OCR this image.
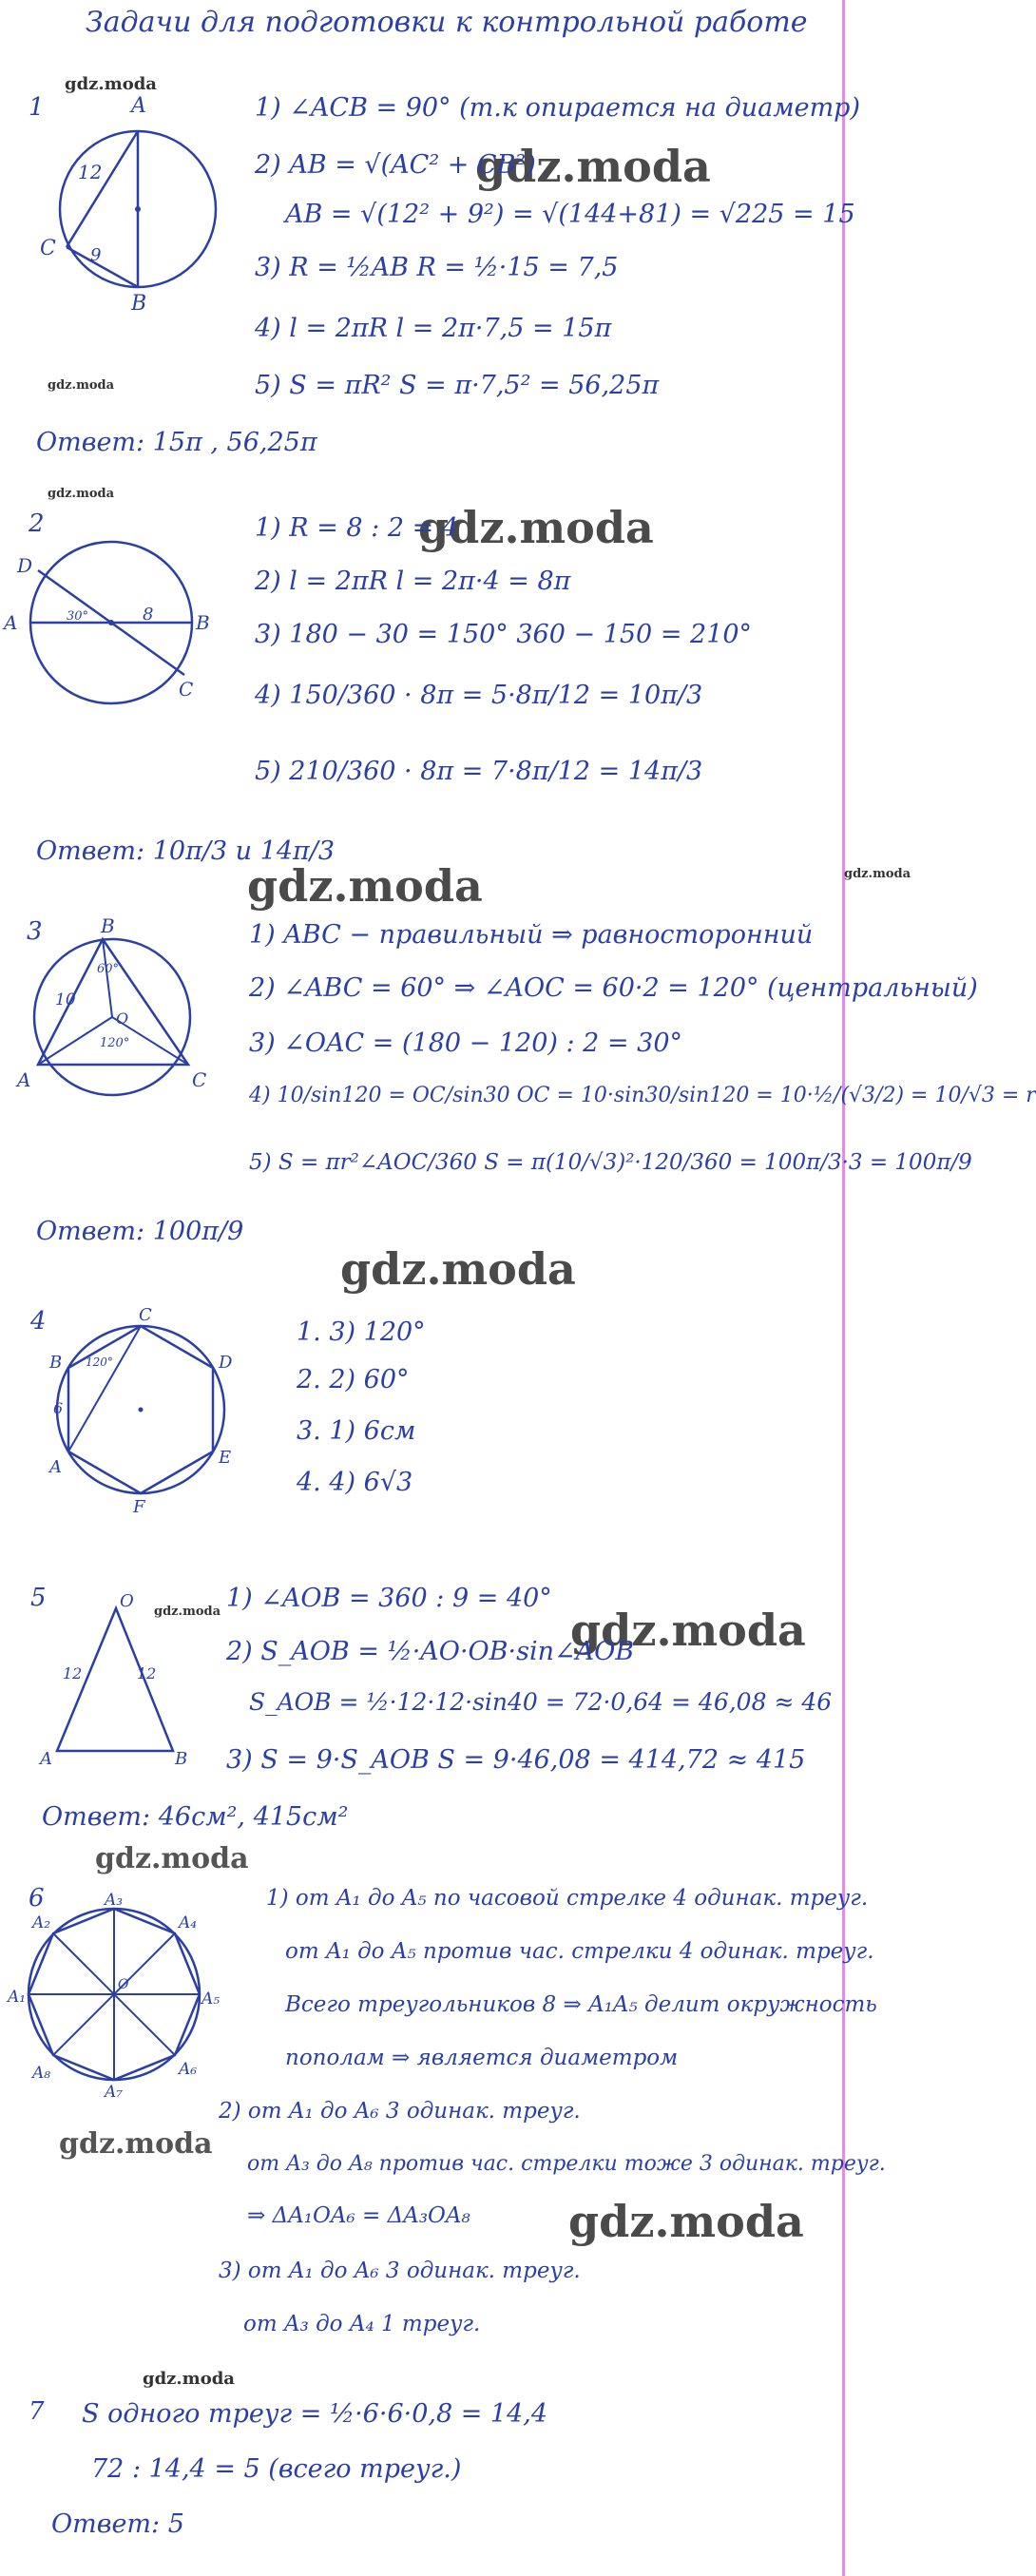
Задачи для подготовки к контрольной работе
gdz.moda
gdz.moda
gdz.moda
gdz.moda
gdz.moda
gdz.moda
gdz.moda
gdz.moda
gdz.moda	gdz.moda
gdz.moda
gdz.moda
gdz.moda
gdz.moda
1	A
B
C
12
9
1) ∠ACB = 90° (т.к опирается на диаметр)
2) AB = √(AC² + CB²)
AB = √(12² + 9²) = √(144+81) = √225 = 15
3) R = ½AB R = ½·15 = 7,5
4) l = 2πR l = 2π·7,5 = 15π
5) S = πR² S = π·7,5² = 56,25π
Ответ: 15π , 56,25π
2
A	B
C
D
30°	8
1) R = 8 : 2 = 4
2) l = 2πR l = 2π·4 = 8π
3) 180 − 30 = 150° 360 − 150 = 210°
4) 150/360 · 8π = 5·8π/12 = 10π/3
5) 210/360 · 8π = 7·8π/12 = 14π/3
Ответ: 10π/3 и 14π/3
3	B
A	C
O
10
60°
120°
1) ABC − правильный ⇒ равносторонний
2) ∠ABC = 60° ⇒ ∠AOC = 60·2 = 120° (центральный)
3) ∠OAC = (180 − 120) : 2 = 30°
4) 10/sin120 = OC/sin30 OC = 10·sin30/sin120 = 10·½/(√3/2) = 10/√3 = r
5) S = πr²∠AOC/360 S = π(10/√3)²·120/360 = 100π/3·3 = 100π/9
Ответ: 100π/9
4	C
D
E
F
A
B
6
120°
1. 3) 120°
2. 2) 60°
3. 1) 6см
4. 4) 6√3
5	O
A	B
12	12
1) ∠AOB = 360 : 9 = 40°
2) S_AOB = ½·AO·OB·sin∠AOB
S_AOB = ½·12·12·sin40 = 72·0,64 = 46,08 ≈ 46
3) S = 9·S_AOB S = 9·46,08 = 414,72 ≈ 415
Ответ: 46см², 415см²
6	A₃
A₄
A₅
A₆
A₇
A₈
A₁
A₂
O
1) от A₁ до A₅ по часовой стрелке 4 одинак. треуг.
от A₁ до A₅ против час. стрелки 4 одинак. треуг.
Всего треугольников 8 ⇒ A₁A₅ делит окружность
пополам ⇒ является диаметром
2) от A₁ до A₆ 3 одинак. треуг.
от A₃ до A₈ против час. стрелки тоже 3 одинак. треуг.
⇒ ΔA₁OA₆ = ΔA₃OA₈
3) от A₁ до A₆ 3 одинак. треуг.
от A₃ до A₄ 1 треуг.
7 S одного треуг = ½·6·6·0,8 = 14,4
72 : 14,4 = 5 (всего треуг.)
Ответ: 5
